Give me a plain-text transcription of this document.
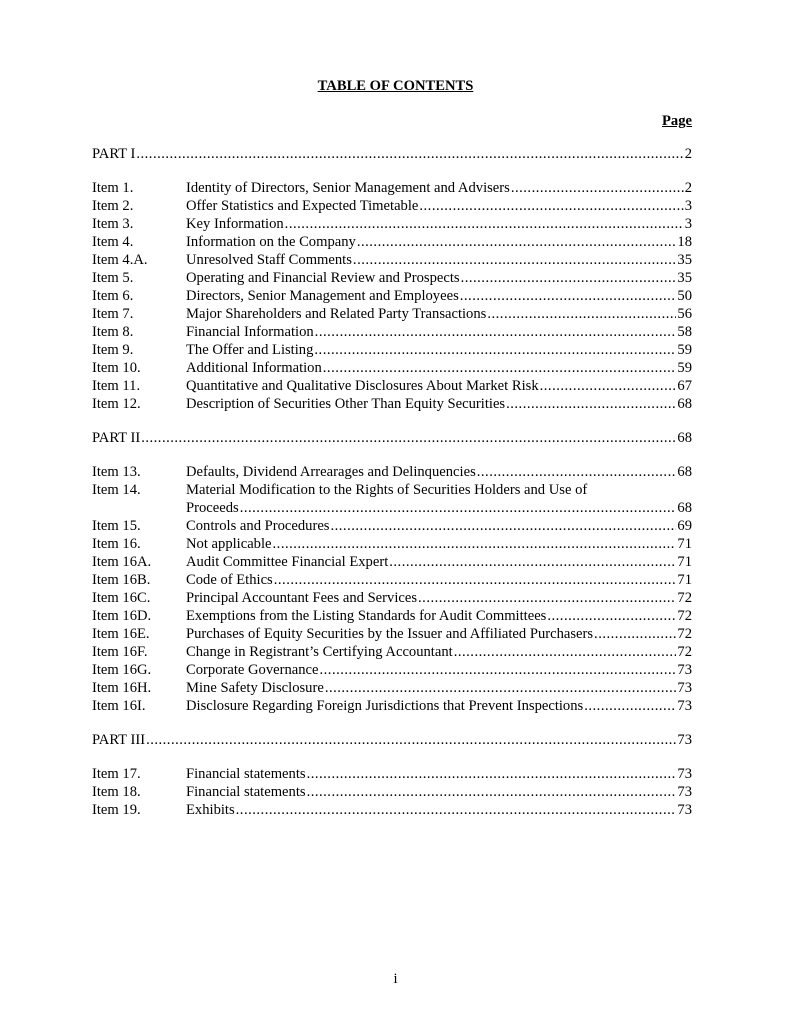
TABLE OF CONTENTS
Page
PART I .....	2
Item 1.	Identity of Directors, Senior Management and Advisers .....	2
Item 2.	Offer Statistics and Expected Timetable .....	3
Item 3.	Key Information .....	3
Item 4.	Information on the Company .....	18
Item 4.A.	Unresolved Staff Comments .....	35
Item 5.	Operating and Financial Review and Prospects .....	35
Item 6.	Directors, Senior Management and Employees .....	50
Item 7.	Major Shareholders and Related Party Transactions .....	56
Item 8.	Financial Information .....	58
Item 9.	The Offer and Listing .....	59
Item 10.	Additional Information .....	59
Item 11.	Quantitative and Qualitative Disclosures About Market Risk .....	67
Item 12.	Description of Securities Other Than Equity Securities .....	68
PART II .....	68
Item 13.	Defaults, Dividend Arrearages and Delinquencies .....	68
Item 14.	Material Modification to the Rights of Securities Holders and Use of
Proceeds .....	68
Item 15.	Controls and Procedures .....	69
Item 16.	Not applicable .....	71
Item 16A.	Audit Committee Financial Expert .....	71
Item 16B.	Code of Ethics .....	71
Item 16C.	Principal Accountant Fees and Services .....	72
Item 16D.	Exemptions from the Listing Standards for Audit Committees .....	72
Item 16E.	Purchases of Equity Securities by the Issuer and Affiliated Purchasers .....	72
Item 16F.	Change in Registrant’s Certifying Accountant .....	72
Item 16G.	Corporate Governance .....	73
Item 16H.	Mine Safety Disclosure .....	73
Item 16I.	Disclosure Regarding Foreign Jurisdictions that Prevent Inspections .....	73
PART III .....	73
Item 17.	Financial statements .....	73
Item 18.	Financial statements .....	73
Item 19.	Exhibits .....	73
i
